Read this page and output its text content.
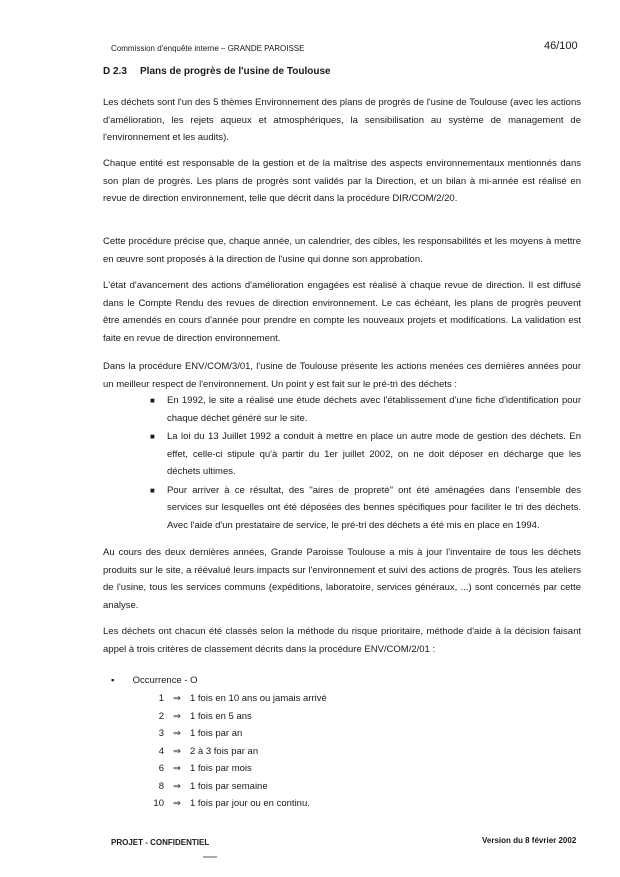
Commission d'enquête interne – GRANDE PAROISSE	46/100
D 2.3 Plans de progrès de l'usine de Toulouse

Les déchets sont l'un des 5 thèmes Environnement des plans de progrès de l'usine de Toulouse (avec les actions d'amélioration, les rejets aqueux et atmosphériques, la sensibilisation au système de management de l'environnement et les audits).

Chaque entité est responsable de la gestion et de la maîtrise des aspects environnementaux mentionnés dans son plan de progrès. Les plans de progrès sont validés par la Direction, et un bilan à mi-année est réalisé en revue de direction environnement, telle que décrit dans la procédure DIR/COM/2/20.

Cette procédure précise que, chaque année, un calendrier, des cibles, les responsabilités et les moyens à mettre en œuvre sont proposés à la direction de l'usine qui donne son approbation.

L'état d'avancement des actions d'amélioration engagées est réalisé à chaque revue de direction. Il est diffusé dans le Compte Rendu des revues de direction environnement. Le cas échéant, les plans de progrès peuvent être amendés en cours d'année pour prendre en compte les nouveaux projets et modifications. La validation est faite en revue de direction environnement.

Dans la procédure ENV/COM/3/01, l'usine de Toulouse présente les actions menées ces dernières années pour un meilleur respect de l'environnement. Un point y est fait sur le pré-tri des déchets :

■ En 1992, le site a réalisé une étude déchets avec l'établissement d'une fiche d'identification pour chaque déchet généré sur le site.
■ La loi du 13 Juillet 1992 a conduit à mettre en place un autre mode de gestion des déchets. En effet, celle-ci stipule qu'à partir du 1er juillet 2002, on ne doit déposer en décharge que les déchets ultimes.
■ Pour arriver à ce résultat, des "aires de propreté" ont été aménagées dans l'ensemble des services sur lesquelles ont été déposées des bennes spécifiques pour faciliter le tri des déchets. Avec l'aide d'un prestataire de service, le pré-tri des déchets a été mis en place en 1994.

Au cours des deux dernières années, Grande Paroisse Toulouse a mis à jour l'inventaire de tous les déchets produits sur le site, a réévalué leurs impacts sur l'environnement et suivi des actions de progrès. Tous les ateliers de l'usine, tous les services communs (expéditions, laboratoire, services généraux, ...) sont concernés par cette analyse.

Les déchets ont chacun été classés selon la méthode du risque prioritaire, méthode d'aide à la décision faisant appel à trois critères de classement décrits dans la procédure ENV/COM/2/01 :

▪ Occurrence - O
1 ⇒ 1 fois en 10 ans ou jamais arrivé
2 ⇒ 1 fois en 5 ans
3 ⇒ 1 fois par an
4 ⇒ 2 à 3 fois par an
6 ⇒ 1 fois par mois
8 ⇒ 1 fois par semaine
10 ⇒ 1 fois par jour ou en continu.
PROJET - CONFIDENTIEL	Version du 8 février 2002
